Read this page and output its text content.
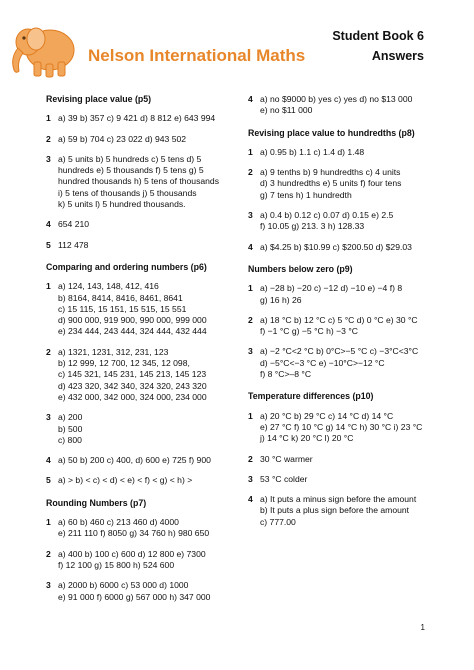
Nelson International Maths
Student Book 6
Answers
Revising place value (p5)
1 a) 39 b) 357 c) 9 421 d) 8 812 e) 643 994
2 a) 59 b) 704 c) 23 022 d) 943 502
3 a) 5 units b) 5 hundreds c) 5 tens d) 5
hundreds e) 5 thousands f) 5 tens g) 5
hundred thousands h) 5 tens of thousands
i) 5 tens of thousands j) 5 thousands
k) 5 units l) 5 hundred thousands.
4 654 210
5 112 478
Comparing and ordering numbers (p6)
1 a) 124, 143, 148, 412, 416
b) 8164, 8414, 8416, 8461, 8641
c) 15 115, 15 151, 15 515, 15 551
d) 900 000, 919 900, 990 000, 999 000
e) 234 444, 243 444, 324 444, 432 444
2 a) 1321, 1231, 312, 231, 123
b) 12 999, 12 700, 12 345, 12 098,
c) 145 321, 145 231, 145 213, 145 123
d) 423 320, 342 340, 324 320, 243 320
e) 432 000, 342 000, 324 000, 234 000
3 a) 200
b) 500
c) 800
4 a) 50 b) 200 c) 400, d) 600 e) 725 f) 900
5 a) > b) < c) < d) < e) < f) < g) < h) >
Rounding Numbers (p7)
1 a) 60 b) 460 c) 213 460 d) 4000
e) 211 110 f) 8050 g) 34 760 h) 980 650
2 a) 400 b) 100 c) 600 d) 12 800 e) 7300
f) 12 100 g) 15 800 h) 524 600
3 a) 2000 b) 6000 c) 53 000 d) 1000
e) 91 000 f) 6000 g) 567 000 h) 347 000
4 a) no $9000 b) yes c) yes d) no $13 000
e) no $11 000
Revising place value to hundredths (p8)
1 a) 0.95 b) 1.1 c) 1.4 d) 1.48
2 a) 9 tenths b) 9 hundredths c) 4 units
d) 3 hundredths e) 5 units f) four tens
g) 7 tens h) 1 hundredth
3 a) 0.4 b) 0.12 c) 0.07 d) 0.15 e) 2.5
f) 10.05 g) 213. 3 h) 128.33
4 a) $4.25 b) $10.99 c) $200.50 d) $29.03
Numbers below zero (p9)
1 a) −28 b) −20 c) −12 d) −10 e) −4 f) 8
g) 16 h) 26
2 a) 18 °C b) 12 °C c) 5 °C d) 0 °C e) 30 °C
f) −1 °C g) −5 °C h) −3 °C
3 a) −2 °C<2 °C b) 0°C>−5 °C c) −3°C<3°C
d) −5°C<−3 °C e) −10°C>−12 °C
f) 8 °C>–8 °C
Temperature differences (p10)
1 a) 20 °C b) 29 °C c) 14 °C d) 14 °C
e) 27 °C f) 10 °C g) 14 °C h) 30 °C i) 23 °C
j) 14 °C k) 20 °C l) 20 °C
2 30 °C warmer
3 53 °C colder
4 a) It puts a minus sign before the amount
b) It puts a plus sign before the amount
c) 777.00
1
